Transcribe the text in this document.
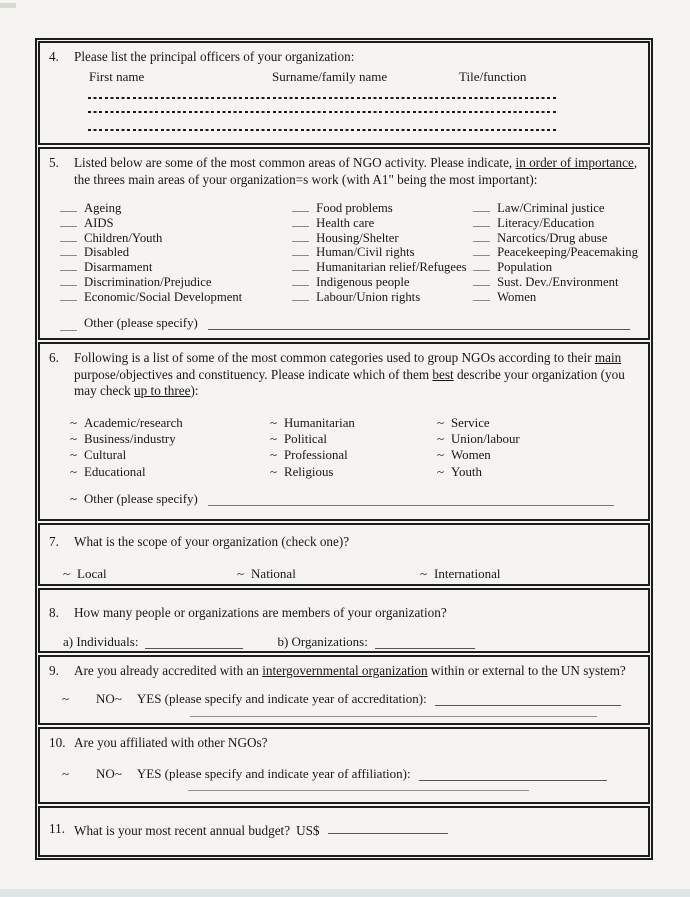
4.	Please list the principal officers of your organization:
First name	Surname/family name	Tile/function
5.	Listed below are some of the most common areas of NGO activity. Please indicate, in order of importance, the threes main areas of your organization=s work (with A1" being the most important):
Ageing
AIDS
Children/Youth
Disabled
Disarmament
Discrimination/Prejudice
Economic/Social Development
Food problems
Health care
Housing/Shelter
Human/Civil rights
Humanitarian relief/Refugees
Indigenous people
Labour/Union rights
Law/Criminal justice
Literacy/Education
Narcotics/Drug abuse
Peacekeeping/Peacemaking
Population
Sust. Dev./Environment
Women
Other (please specify)
6.	Following is a list of some of the most common categories used to group NGOs according to their main purpose/objectives and constituency. Please indicate which of them best describe your organization (you may check up to three):
~ Academic/research
~ Business/industry
~ Cultural
~ Educational
~ Humanitarian
~ Political
~ Professional
~ Religious
~ Service
~ Union/labour
~ Women
~ Youth
~ Other (please specify)
7.	What is the scope of your organization (check one)?
~ Local	~ National	~ International
8.	How many people or organizations are members of your organization?
a) Individuals:	b) Organizations:
9.	Are you already accredited with an intergovernmental organization within or external to the UN system?
~ NO ~ YES (please specify and indicate year of accreditation):
10. Are you affiliated with other NGOs?
~ NO ~ YES (please specify and indicate year of affiliation):
11. What is your most recent annual budget? US$
